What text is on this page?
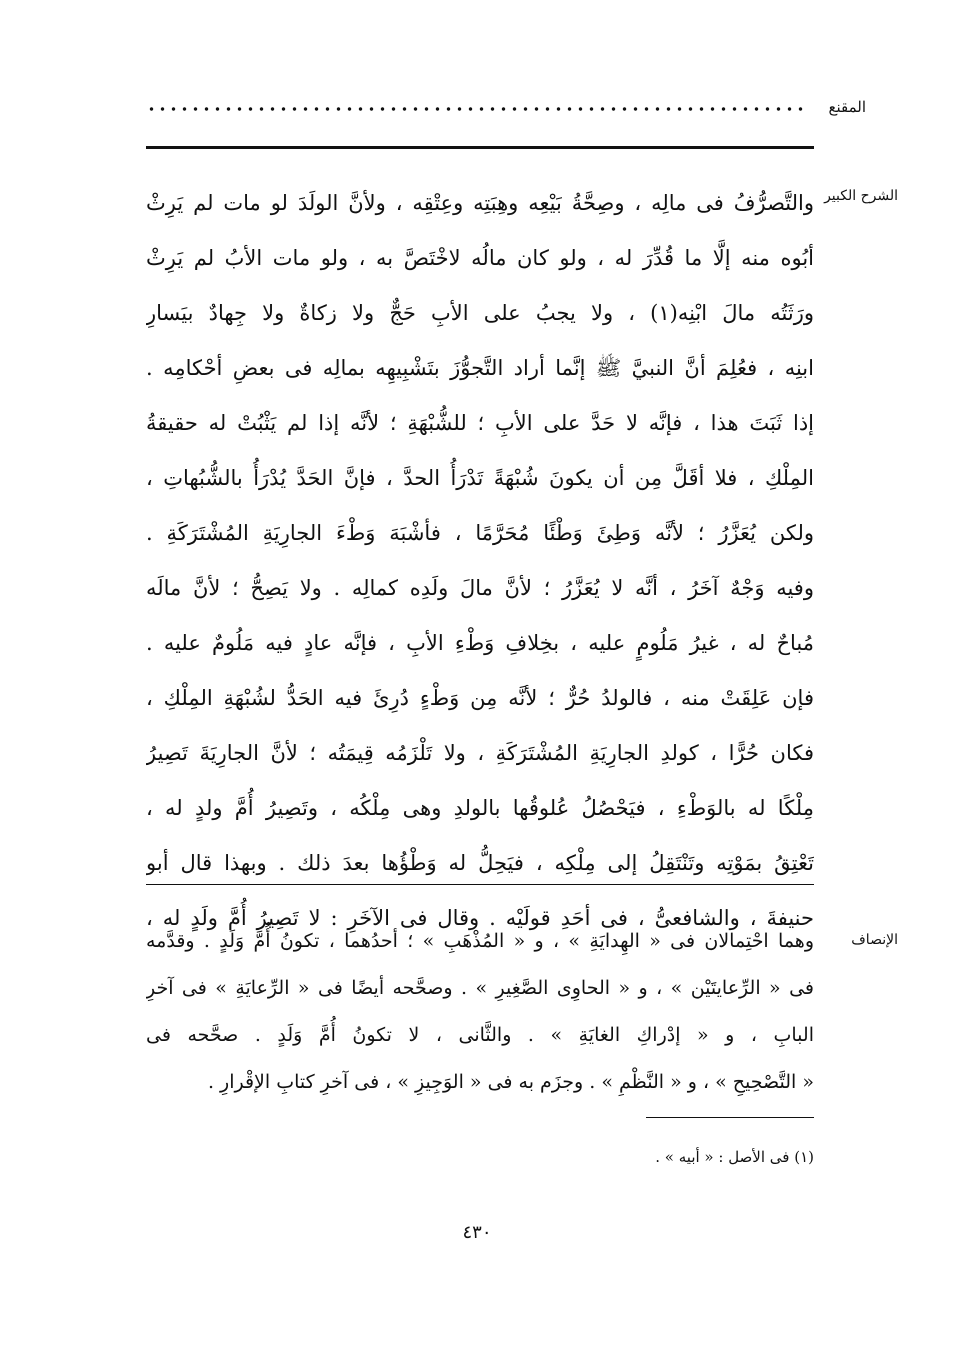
المقنع
الشرح الكبير
والتَّصرُّفُ فى مالِه ، وصِحَّةُ بَيْعِه وهِبَتِه وعِتْقِه ، ولأنَّ الولَدَ لو مات لم يَرِثْ
أبُوه منه إلَّا ما قُدِّرَ له ، ولو كان مالُه لاخْتَصَّ به ، ولو مات الأبُ لم يَرِثْ
ورَثَتُه مالَ ابْنِه(١) ، ولا يجبُ على الأبِ حَجٌّ ولا زكاةٌ ولا جِهادٌ بيَسارِ
ابنِه ، فعُلِمَ أنَّ النبيَّ ﷺ إنَّما أراد التَّجوُّزَ بتَشْبِيهِه بمالِه فى بعضِ أحْكامِه .
إذا ثَبَتَ هذا ، فإنَّه لا حَدَّ على الأبِ ؛ للشُّبْهَةِ ؛ لأنَّه إذا لم يَثْبُتْ له حقيقةُ
المِلْكِ ، فلا أقَلَّ مِن أن يكونَ شُبْهَةً تَدْرَأُ الحدَّ ، فإنَّ الحَدَّ يُدْرَأُ بالشُّبُهاتِ ،
ولكن يُعَزَّرُ ؛ لأنَّه وَطِئَ وَطْئًا مُحَرَّمًا ، فأشْبَهَ وَطْءَ الجارِيَةِ المُشْتَرَكَةِ .
وفيه وَجْهٌ آخَرُ ، أنَّه لا يُعَزَّرُ ؛ لأنَّ مالَ ولَدِه كمالِه . ولا يَصِحُّ ؛ لأنَّ مالَه
مُباحٌ له ، غيرُ مَلُومٍ عليه ، بخِلافِ وَطْءِ الأبِ ، فإنَّه عادٍ فيه مَلُومٌ عليه .
فإن عَلِقَتْ منه ، فالولدُ حُرٌّ ؛ لأنَّه مِن وَطْءٍ دُرِئَ فيه الحَدُّ لشُبْهَةِ المِلْكِ ،
فكان حُرًّا ، كولدِ الجارِيَةِ المُشْتَرَكَةِ ، ولا تَلْزَمُه قِيمَتُه ؛ لأنَّ الجارِيَةَ تَصِيرُ
مِلْكًا له بالوَطْءِ ، فيَحْصُلُ عُلوقُها بالولدِ وهى مِلْكُه ، وتَصِيرُ أُمَّ ولدٍ له ،
تَعْتِقُ بمَوْتِه وتَنْتَقِلُ إلى مِلْكِه ، فيَحِلُّ له وَطْؤُها بعدَ ذلك . وبهذا قال أبو
حنيفةَ ، والشافعىُّ ، فى أحَدِ قولَيْه . وقال فى الآخَرِ : لا تَصِيرُ أُمَّ ولَدٍ له ،
الإنصاف
وهما احْتِمالان فى « الهِدايَةِ » ، و « المُذْهَبِ » ؛ أحدُهما ، تكونُ أُمَّ وَلَدٍ . وقدَّمه
فى « الرِّعايتَيْن » ، و « الحاوِى الصَّغِيرِ » . وصحَّحه أيضًا فى « الرِّعايَةِ » فى آخرِ
البابِ ، و « إدْراكِ الغايَةِ » . والثَّانى ، لا تكونُ أُمَّ وَلَدٍ . صحَّحه فى
« التَّصْحِيحِ » ، و « النَّظْمِ » . وجزَم به فى « الوَجِيزِ » ، فى آخرِ كتابِ الإقْرارِ .
(١) فى الأصل : « أبيه » .
٤٣٠
